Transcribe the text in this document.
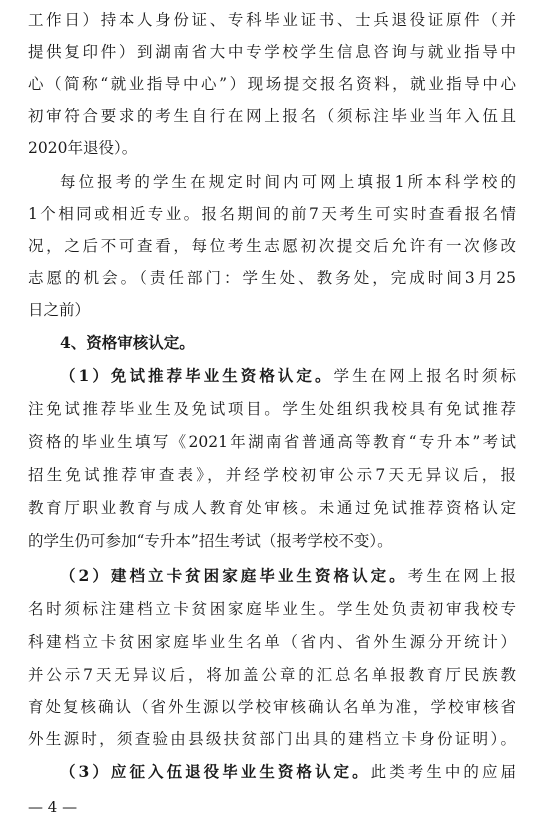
工作日）持本人身份证、专科毕业证书、士兵退役证原件（并
提供复印件）到湖南省大中专学校学生信息咨询与就业指导中
心（简称“就业指导中心”）现场提交报名资料，就业指导中心
初审符合要求的考生自行在网上报名（须标注毕业当年入伍且
2020年退役）。
每位报考的学生在规定时间内可网上填报1所本科学校的
1个相同或相近专业。报名期间的前7天考生可实时查看报名情
况，之后不可查看，每位考生志愿初次提交后允许有一次修改
志愿的机会。（责任部门：学生处、教务处，完成时间3月25
日之前）
4、资格审核认定。
（1）免试推荐毕业生资格认定。学生在网上报名时须标
注免试推荐毕业生及免试项目。学生处组织我校具有免试推荐
资格的毕业生填写《2021年湖南省普通高等教育“专升本”考试
招生免试推荐审查表》，并经学校初审公示7天无异议后，报
教育厅职业教育与成人教育处审核。未通过免试推荐资格认定
的学生仍可参加“专升本”招生考试（报考学校不变）。
（2）建档立卡贫困家庭毕业生资格认定。考生在网上报
名时须标注建档立卡贫困家庭毕业生。学生处负责初审我校专
科建档立卡贫困家庭毕业生名单（省内、省外生源分开统计）
并公示7天无异议后，将加盖公章的汇总名单报教育厅民族教
育处复核确认（省外生源以学校审核确认名单为准，学校审核省
外生源时，须查验由县级扶贫部门出具的建档立卡身份证明）。
（3）应征入伍退役毕业生资格认定。此类考生中的应届
— 4 —
